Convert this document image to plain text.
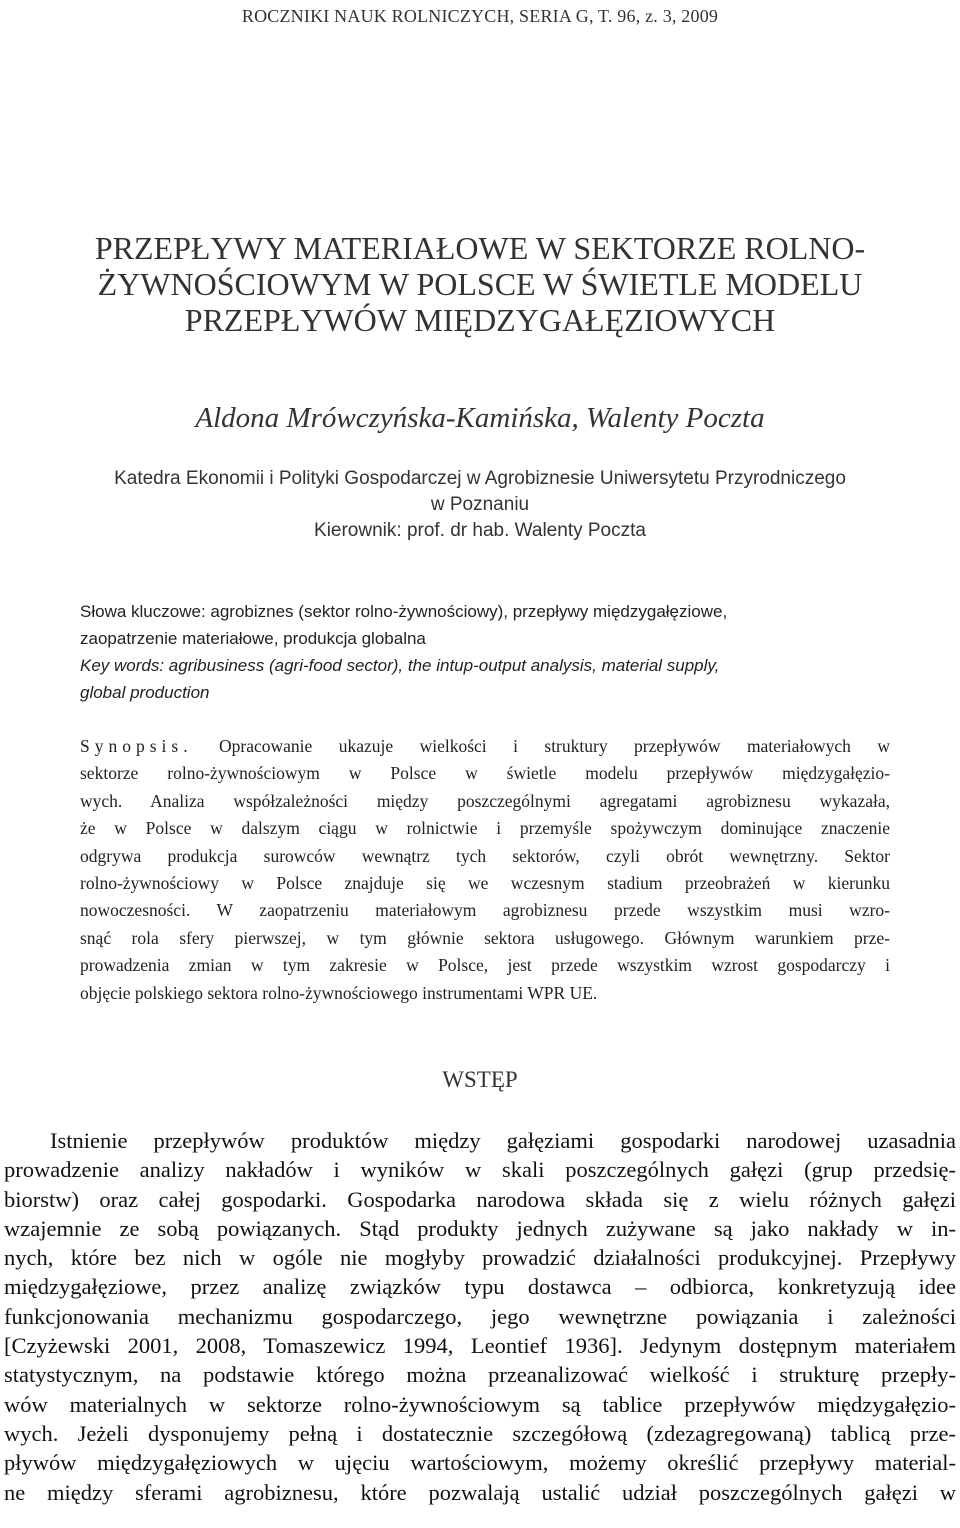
ROCZNIKI NAUK ROLNICZYCH, SERIA G, T. 96, z. 3, 2009
PRZEPŁYWY MATERIAŁOWE W SEKTORZE ROLNO-
ŻYWNOŚCIOWYM W POLSCE W ŚWIETLE MODELU
PRZEPŁYWÓW MIĘDZYGAŁĘZIOWYCH
Aldona Mrówczyńska-Kamińska, Walenty Poczta
Katedra Ekonomii i Polityki Gospodarczej w Agrobiznesie Uniwersytetu Przyrodniczego
w Poznaniu
Kierownik: prof. dr hab. Walenty Poczta
Słowa kluczowe: agrobiznes (sektor rolno-żywnościowy), przepływy międzygałęziowe,
zaopatrzenie materiałowe, produkcja globalna
Key words: agribusiness (agri-food sector), the intup-output analysis, material supply,
global production
Synopsis. Opracowanie ukazuje wielkości i struktury przepływów materiałowych w
sektorze rolno-żywnościowym w Polsce w świetle modelu przepływów międzygałęzio-
wych. Analiza współzależności między poszczególnymi agregatami agrobiznesu wykazała,
że w Polsce w dalszym ciągu w rolnictwie i przemyśle spożywczym dominujące znaczenie
odgrywa produkcja surowców wewnątrz tych sektorów, czyli obrót wewnętrzny. Sektor
rolno-żywnościowy w Polsce znajduje się we wczesnym stadium przeobrażeń w kierunku
nowoczesności. W zaopatrzeniu materiałowym agrobiznesu przede wszystkim musi wzro-
snąć rola sfery pierwszej, w tym głównie sektora usługowego. Głównym warunkiem prze-
prowadzenia zmian w tym zakresie w Polsce, jest przede wszystkim wzrost gospodarczy i
objęcie polskiego sektora rolno-żywnościowego instrumentami WPR UE.
WSTĘP
Istnienie przepływów produktów między gałęziami gospodarki narodowej uzasadnia
prowadzenie analizy nakładów i wyników w skali poszczególnych gałęzi (grup przedsię-
biorstw) oraz całej gospodarki. Gospodarka narodowa składa się z wielu różnych gałęzi
wzajemnie ze sobą powiązanych. Stąd produkty jednych zużywane są jako nakłady w in-
nych, które bez nich w ogóle nie mogłyby prowadzić działalności produkcyjnej. Przepływy
międzygałęziowe, przez analizę związków typu dostawca – odbiorca, konkretyzują idee
funkcjonowania mechanizmu gospodarczego, jego wewnętrzne powiązania i zależności
[Czyżewski 2001, 2008, Tomaszewicz 1994, Leontief 1936]. Jedynym dostępnym materiałem
statystycznym, na podstawie którego można przeanalizować wielkość i strukturę przepły-
wów materialnych w sektorze rolno-żywnościowym są tablice przepływów międzygałęzio-
wych. Jeżeli dysponujemy pełną i dostatecznie szczegółową (zdezagregowaną) tablicą prze-
pływów międzygałęziowych w ujęciu wartościowym, możemy określić przepływy material-
ne między sferami agrobiznesu, które pozwalają ustalić udział poszczególnych gałęzi w
